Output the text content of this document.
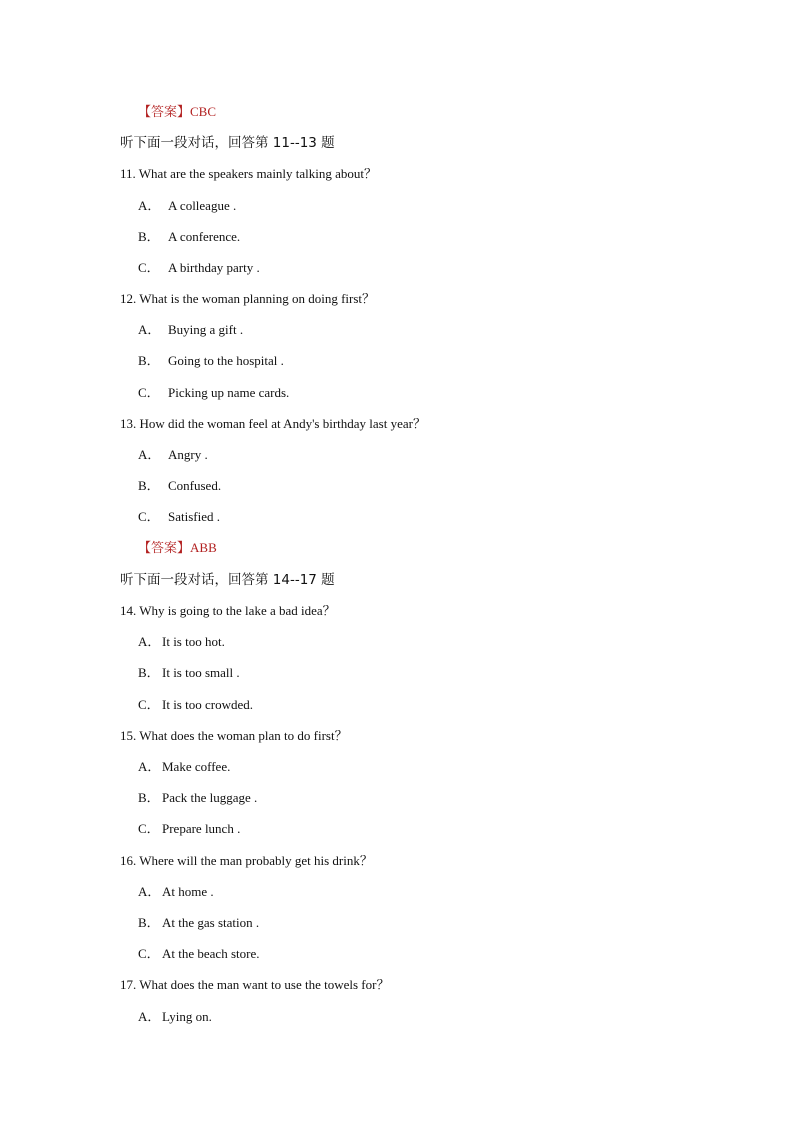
【答案】CBC
听下面一段对话，回答第 11--13 题
11. What are the speakers mainly talking about？
A． A colleague .
B． A conference.
C． A birthday party .
12. What is the woman planning on doing first？
A． Buying a gift .
B． Going to the hospital .
C． Picking up name cards.
13. How did the woman feel at Andy's birthday last year？
A． Angry .
B． Confused.
C． Satisfied .
【答案】ABB
听下面一段对话，回答第 14--17 题
14. Why is going to the lake a bad idea？
A． It is too hot.
B． It is too small .
C． It is too crowded.
15. What does the woman plan to do first？
A． Make coffee.
B． Pack the luggage .
C． Prepare lunch .
16. Where will the man probably get his drink？
A． At home .
B． At the gas station .
C． At the beach store.
17. What does the man want to use the towels for？
A． Lying on.
